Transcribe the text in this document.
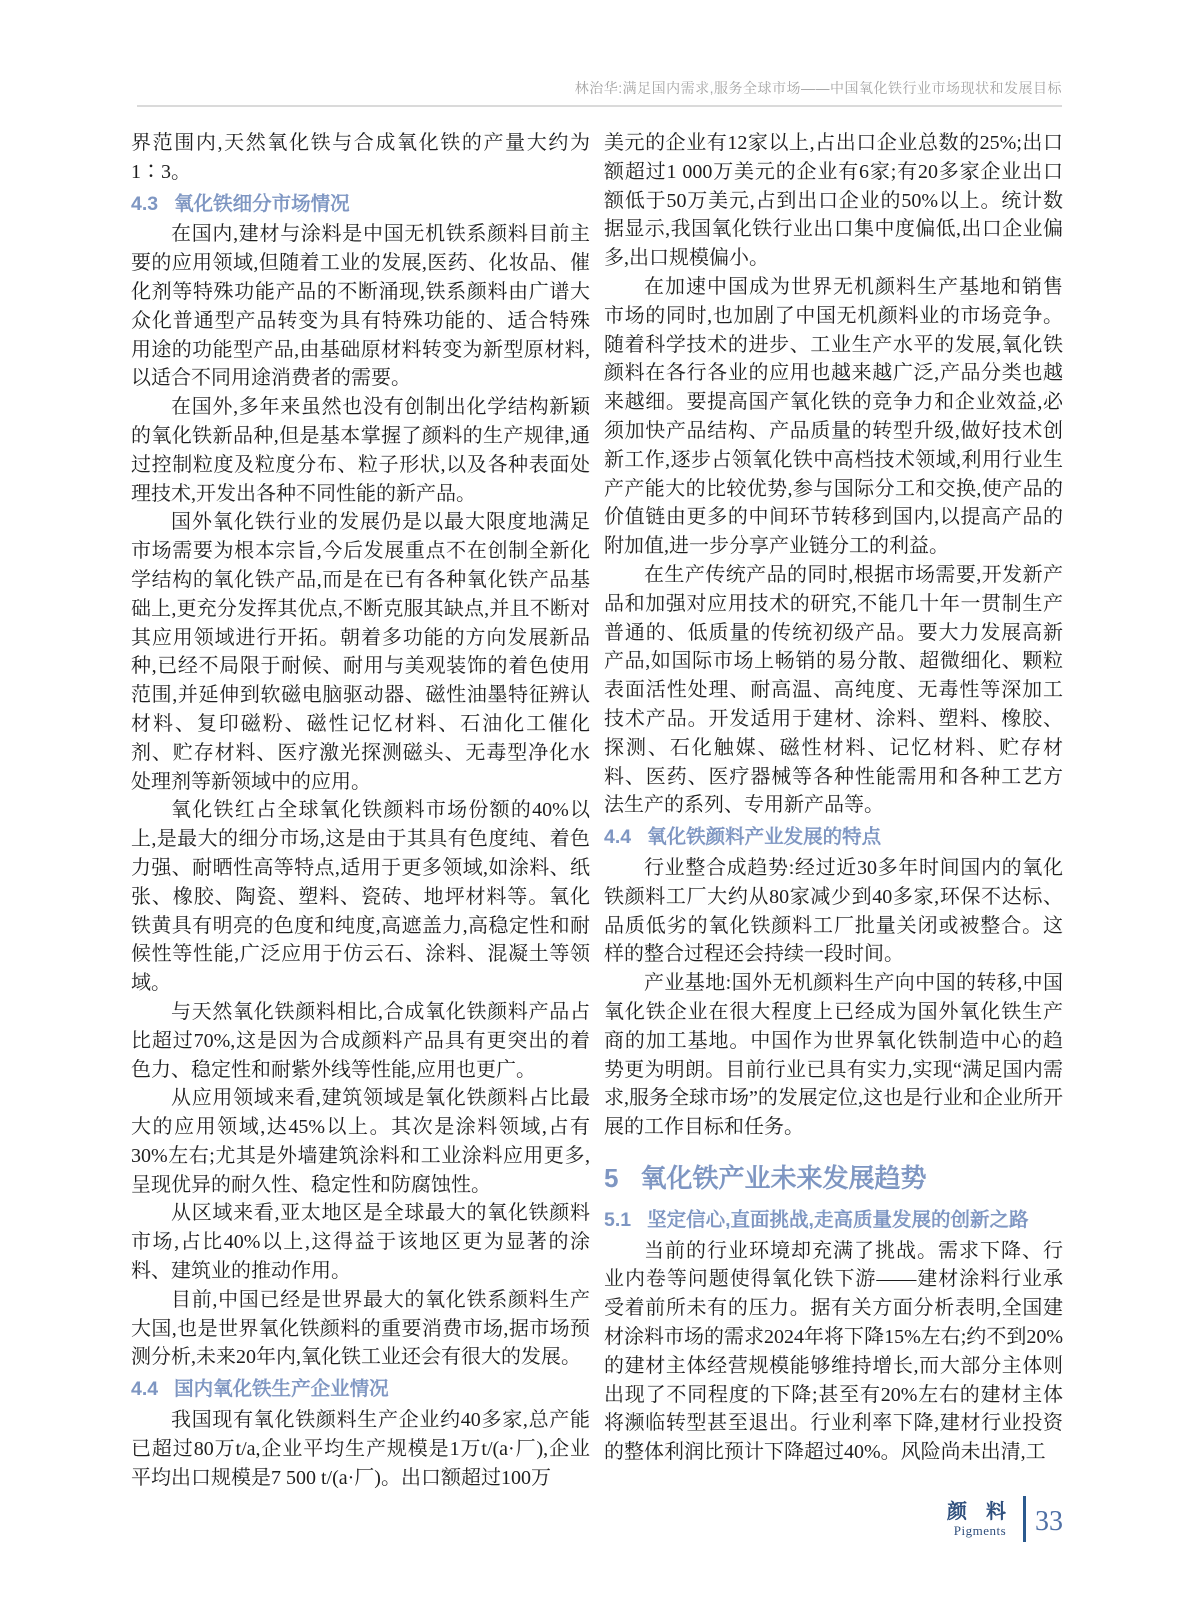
林治华:满足国内需求,服务全球市场——中国氧化铁行业市场现状和发展目标

界范围内,天然氧化铁与合成氧化铁的产量大约为1∶3。

4.3 氧化铁细分市场情况

在国内,建材与涂料是中国无机铁系颜料目前主要的应用领域,但随着工业的发展,医药、化妆品、催化剂等特殊功能产品的不断涌现,铁系颜料由广谱大众化普通型产品转变为具有特殊功能的、适合特殊用途的功能型产品,由基础原材料转变为新型原材料,以适合不同用途消费者的需要。

在国外,多年来虽然也没有创制出化学结构新颖的氧化铁新品种,但是基本掌握了颜料的生产规律,通过控制粒度及粒度分布、粒子形状,以及各种表面处理技术,开发出各种不同性能的新产品。

国外氧化铁行业的发展仍是以最大限度地满足市场需要为根本宗旨,今后发展重点不在创制全新化学结构的氧化铁产品,而是在已有各种氧化铁产品基础上,更充分发挥其优点,不断克服其缺点,并且不断对其应用领域进行开拓。朝着多功能的方向发展新品种,已经不局限于耐候、耐用与美观装饰的着色使用范围,并延伸到软磁电脑驱动器、磁性油墨特征辨认材料、复印磁粉、磁性记忆材料、石油化工催化剂、贮存材料、医疗激光探测磁头、无毒型净化水处理剂等新领域中的应用。

氧化铁红占全球氧化铁颜料市场份额的40%以上,是最大的细分市场,这是由于其具有色度纯、着色力强、耐晒性高等特点,适用于更多领域,如涂料、纸张、橡胶、陶瓷、塑料、瓷砖、地坪材料等。氧化铁黄具有明亮的色度和纯度,高遮盖力,高稳定性和耐候性等性能,广泛应用于仿云石、涂料、混凝土等领域。

与天然氧化铁颜料相比,合成氧化铁颜料产品占比超过70%,这是因为合成颜料产品具有更突出的着色力、稳定性和耐紫外线等性能,应用也更广。

从应用领域来看,建筑领域是氧化铁颜料占比最大的应用领域,达45%以上。其次是涂料领域,占有30%左右;尤其是外墙建筑涂料和工业涂料应用更多,呈现优异的耐久性、稳定性和防腐蚀性。

从区域来看,亚太地区是全球最大的氧化铁颜料市场,占比40%以上,这得益于该地区更为显著的涂料、建筑业的推动作用。

目前,中国已经是世界最大的氧化铁系颜料生产大国,也是世界氧化铁颜料的重要消费市场,据市场预测分析,未来20年内,氧化铁工业还会有很大的发展。

4.4 国内氧化铁生产企业情况

我国现有氧化铁颜料生产企业约40多家,总产能已超过80万t/a,企业平均生产规模是1万t/(a·厂),企业平均出口规模是7 500 t/(a·厂)。出口额超过100万

美元的企业有12家以上,占出口企业总数的25%;出口额超过1 000万美元的企业有6家;有20多家企业出口额低于50万美元,占到出口企业的50%以上。统计数据显示,我国氧化铁行业出口集中度偏低,出口企业偏多,出口规模偏小。

在加速中国成为世界无机颜料生产基地和销售市场的同时,也加剧了中国无机颜料业的市场竞争。随着科学技术的进步、工业生产水平的发展,氧化铁颜料在各行各业的应用也越来越广泛,产品分类也越来越细。要提高国产氧化铁的竞争力和企业效益,必须加快产品结构、产品质量的转型升级,做好技术创新工作,逐步占领氧化铁中高档技术领域,利用行业生产产能大的比较优势,参与国际分工和交换,使产品的价值链由更多的中间环节转移到国内,以提高产品的附加值,进一步分享产业链分工的利益。

在生产传统产品的同时,根据市场需要,开发新产品和加强对应用技术的研究,不能几十年一贯制生产普通的、低质量的传统初级产品。要大力发展高新产品,如国际市场上畅销的易分散、超微细化、颗粒表面活性处理、耐高温、高纯度、无毒性等深加工技术产品。开发适用于建材、涂料、塑料、橡胶、探测、石化触媒、磁性材料、记忆材料、贮存材料、医药、医疗器械等各种性能需用和各种工艺方法生产的系列、专用新产品等。

4.4 氧化铁颜料产业发展的特点

行业整合成趋势:经过近30多年时间国内的氧化铁颜料工厂大约从80家减少到40多家,环保不达标、品质低劣的氧化铁颜料工厂批量关闭或被整合。这样的整合过程还会持续一段时间。

产业基地:国外无机颜料生产向中国的转移,中国氧化铁企业在很大程度上已经成为国外氧化铁生产商的加工基地。中国作为世界氧化铁制造中心的趋势更为明朗。目前行业已具有实力,实现“满足国内需求,服务全球市场”的发展定位,这也是行业和企业所开展的工作目标和任务。

5 氧化铁产业未来发展趋势
5.1 坚定信心,直面挑战,走高质量发展的创新之路

当前的行业环境却充满了挑战。需求下降、行业内卷等问题使得氧化铁下游——建材涂料行业承受着前所未有的压力。据有关方面分析表明,全国建材涂料市场的需求2024年将下降15%左右;约不到20%的建材主体经营规模能够维持增长,而大部分主体则出现了不同程度的下降;甚至有20%左右的建材主体将濒临转型甚至退出。行业利率下降,建材行业投资的整体利润比预计下降超过40%。风险尚未出清,工

颜 料
Pigments 33
